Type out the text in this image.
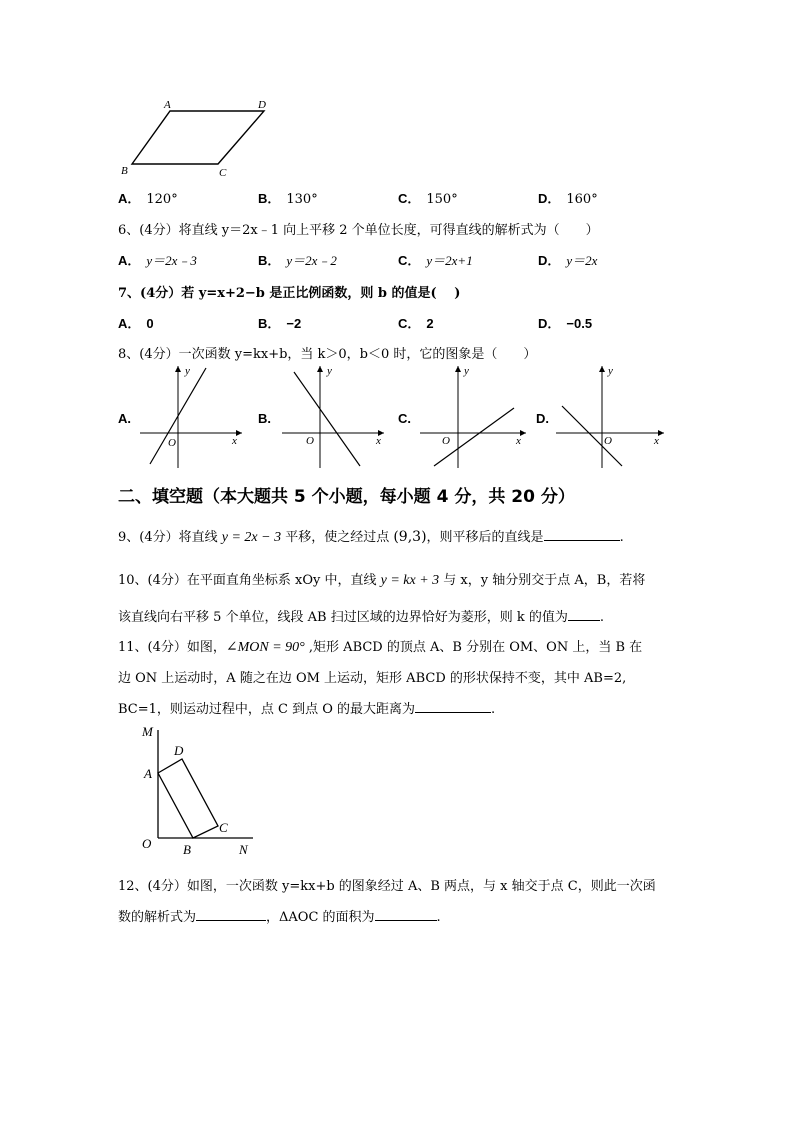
A	D
B	C
A． 120°	B． 130°	C． 150°	D． 160°
6、(4分）将直线 y＝2x﹣1 向上平移 2 个单位长度，可得直线的解析式为（　　）
A． y＝2x﹣3	B． y＝2x﹣2	C． y＝2x+1	D． y＝2x
7、(4分）若 y=x+2−b 是正比例函数，则 b 的值是(　 )
A． 0	B． −2	C． 2	D． −0.5
8、(4分）一次函数 y=kx+b，当 k＞0，b＜0 时，它的图象是（　　）
A.
y
x
O
B.
y
x
O
C.
y
x
O
D.
y
x
O
二、填空题（本大题共 5 个小题，每小题 4 分，共 20 分）
9、(4分）将直线 y = 2x − 3 平移，使之经过点 (9,3)，则平移后的直线是	.
10、(4分）在平面直角坐标系 xOy 中，直线 y = kx + 3 与 x，y 轴分别交于点 A，B，若将
该直线向右平移 5 个单位，线段 AB 扫过区域的边界恰好为菱形，则 k 的值为 .
11、(4分）如图，∠MON = 90° ,矩形 ABCD 的顶点 A、B 分别在 OM、ON 上，当 B 在
边 ON 上运动时，A 随之在边 OM 上运动，矩形 ABCD 的形状保持不变，其中 AB=2,
BC=1，则运动过程中，点 C 到点 O 的最大距离为	.
M
D
A
C
O B	N
12、(4分）如图，一次函数 y=kx+b 的图象经过 A、B 两点，与 x 轴交于点 C，则此一次函
数的解析式为	，ΔAOC 的面积为	.
